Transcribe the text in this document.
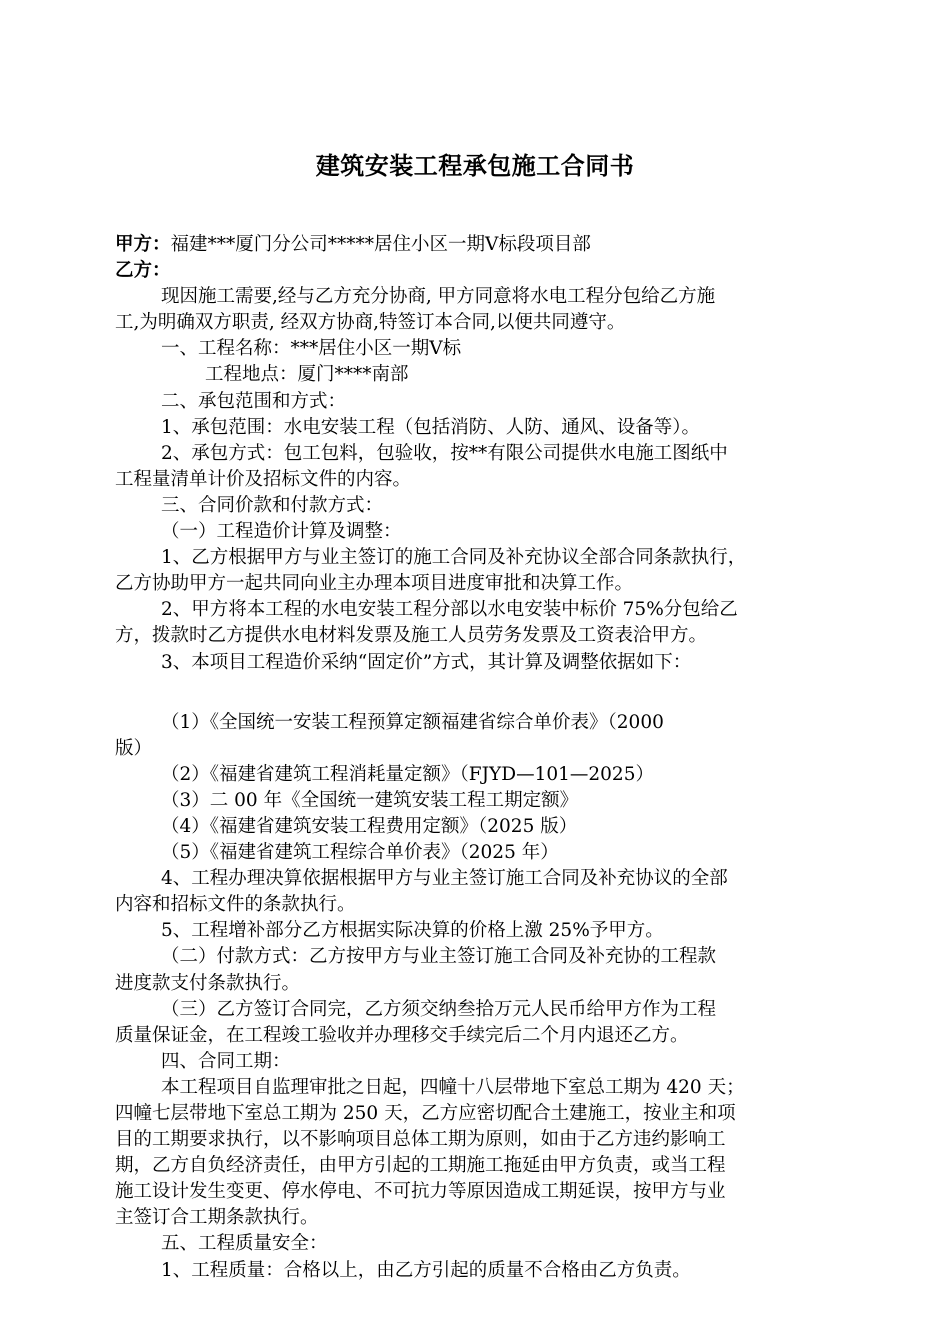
建筑安装工程承包施工合同书
甲方：福建***厦门分公司*****居住小区一期Ⅴ标段项目部
乙方：
现因施工需要,经与乙方充分协商, 甲方同意将水电工程分包给乙方施
工,为明确双方职责, 经双方协商,特签订本合同,以便共同遵守。
一、工程名称：***居住小区一期Ⅴ标
工程地点：厦门****南部
二、承包范围和方式：
1、承包范围：水电安装工程（包括消防、人防、通风、设备等）。
2、承包方式：包工包料，包验收，按**有限公司提供水电施工图纸中
工程量清单计价及招标文件的内容。
三、合同价款和付款方式：
（一）工程造价计算及调整：
1、乙方根据甲方与业主签订的施工合同及补充协议全部合同条款执行，
乙方协助甲方一起共同向业主办理本项目进度审批和决算工作。
2、甲方将本工程的水电安装工程分部以水电安装中标价 75%分包给乙
方，拨款时乙方提供水电材料发票及施工人员劳务发票及工资表洽甲方。
3、本项目工程造价采纳“固定价”方式，其计算及调整依据如下：
（1）《全国统一安装工程预算定额福建省综合单价表》（2000
版）
（2）《福建省建筑工程消耗量定额》（FJYD—101—2025）
（3）二 00 年《全国统一建筑安装工程工期定额》
（4）《福建省建筑安装工程费用定额》（2025 版）
（5）《福建省建筑工程综合单价表》（2025 年）
4、工程办理决算依据根据甲方与业主签订施工合同及补充协议的全部
内容和招标文件的条款执行。
5、工程增补部分乙方根据实际决算的价格上激 25%予甲方。
（二）付款方式：乙方按甲方与业主签订施工合同及补充协的工程款
进度款支付条款执行。
（三）乙方签订合同完，乙方须交纳叁拾万元人民币给甲方作为工程
质量保证金，在工程竣工验收并办理移交手续完后二个月内退还乙方。
四、合同工期：
本工程项目自监理审批之日起，四幢十八层带地下室总工期为 420 天；
四幢七层带地下室总工期为 250 天，乙方应密切配合土建施工，按业主和项
目的工期要求执行，以不影响项目总体工期为原则，如由于乙方违约影响工
期，乙方自负经济责任，由甲方引起的工期施工拖延由甲方负责，或当工程
施工设计发生变更、停水停电、不可抗力等原因造成工期延误，按甲方与业
主签订合工期条款执行。
五、工程质量安全：
1、工程质量：合格以上，由乙方引起的质量不合格由乙方负责。
